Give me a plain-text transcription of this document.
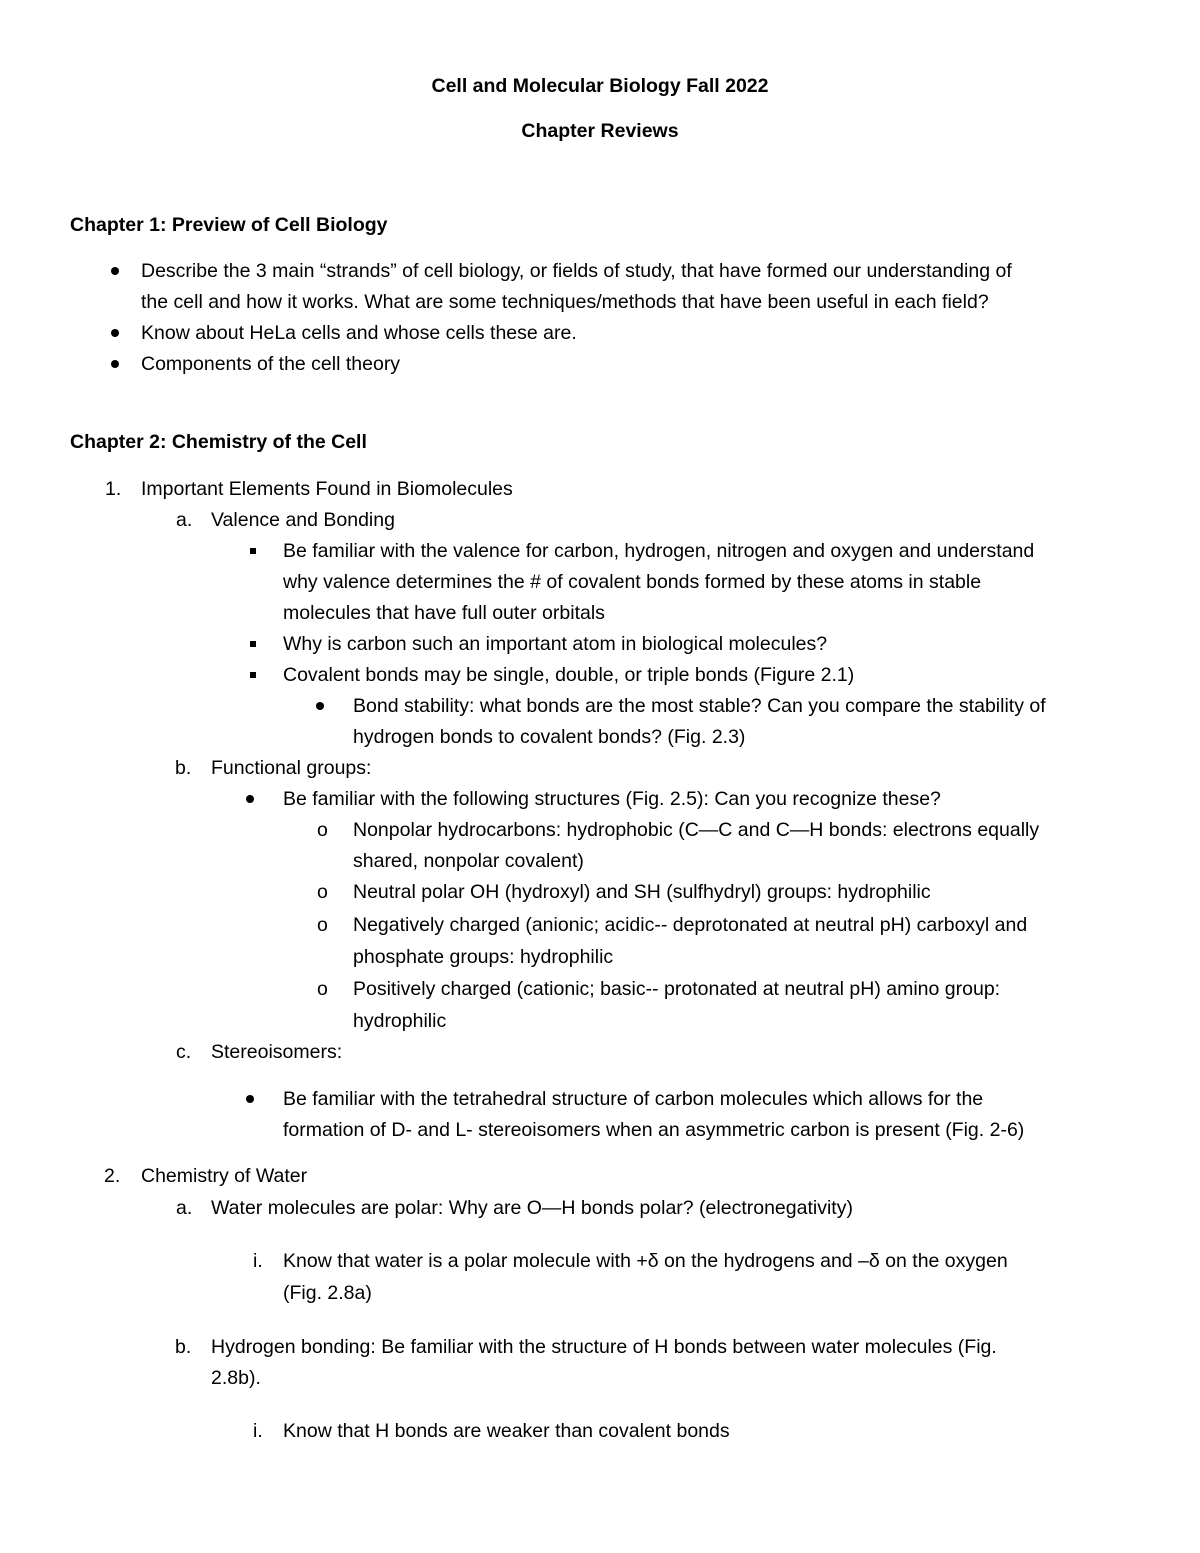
Cell and Molecular Biology Fall 2022
Chapter Reviews
Chapter 1: Preview of Cell Biology
Describe the 3 main “strands” of cell biology, or fields of study, that have formed our understanding of
the cell and how it works. What are some techniques/methods that have been useful in each field?
Know about HeLa cells and whose cells these are.
Components of the cell theory
Chapter 2: Chemistry of the Cell
1. Important Elements Found in Biomolecules
a. Valence and Bonding
Be familiar with the valence for carbon, hydrogen, nitrogen and oxygen and understand
why valence determines the # of covalent bonds formed by these atoms in stable
molecules that have full outer orbitals
Why is carbon such an important atom in biological molecules?
Covalent bonds may be single, double, or triple bonds (Figure 2.1)
Bond stability: what bonds are the most stable? Can you compare the stability of
hydrogen bonds to covalent bonds? (Fig. 2.3)
b. Functional groups:
Be familiar with the following structures (Fig. 2.5): Can you recognize these?
o Nonpolar hydrocarbons: hydrophobic (C—C and C—H bonds: electrons equally
shared, nonpolar covalent)
o Neutral polar OH (hydroxyl) and SH (sulfhydryl) groups: hydrophilic
o Negatively charged (anionic; acidic-- deprotonated at neutral pH) carboxyl and
phosphate groups: hydrophilic
o Positively charged (cationic; basic-- protonated at neutral pH) amino group:
hydrophilic
c. Stereoisomers:
Be familiar with the tetrahedral structure of carbon molecules which allows for the
formation of D- and L- stereoisomers when an asymmetric carbon is present (Fig. 2-6)
2. Chemistry of Water
a. Water molecules are polar: Why are O—H bonds polar? (electronegativity)
i. Know that water is a polar molecule with +δ on the hydrogens and –δ on the oxygen
(Fig. 2.8a)
b. Hydrogen bonding: Be familiar with the structure of H bonds between water molecules (Fig.
2.8b).
i. Know that H bonds are weaker than covalent bonds
